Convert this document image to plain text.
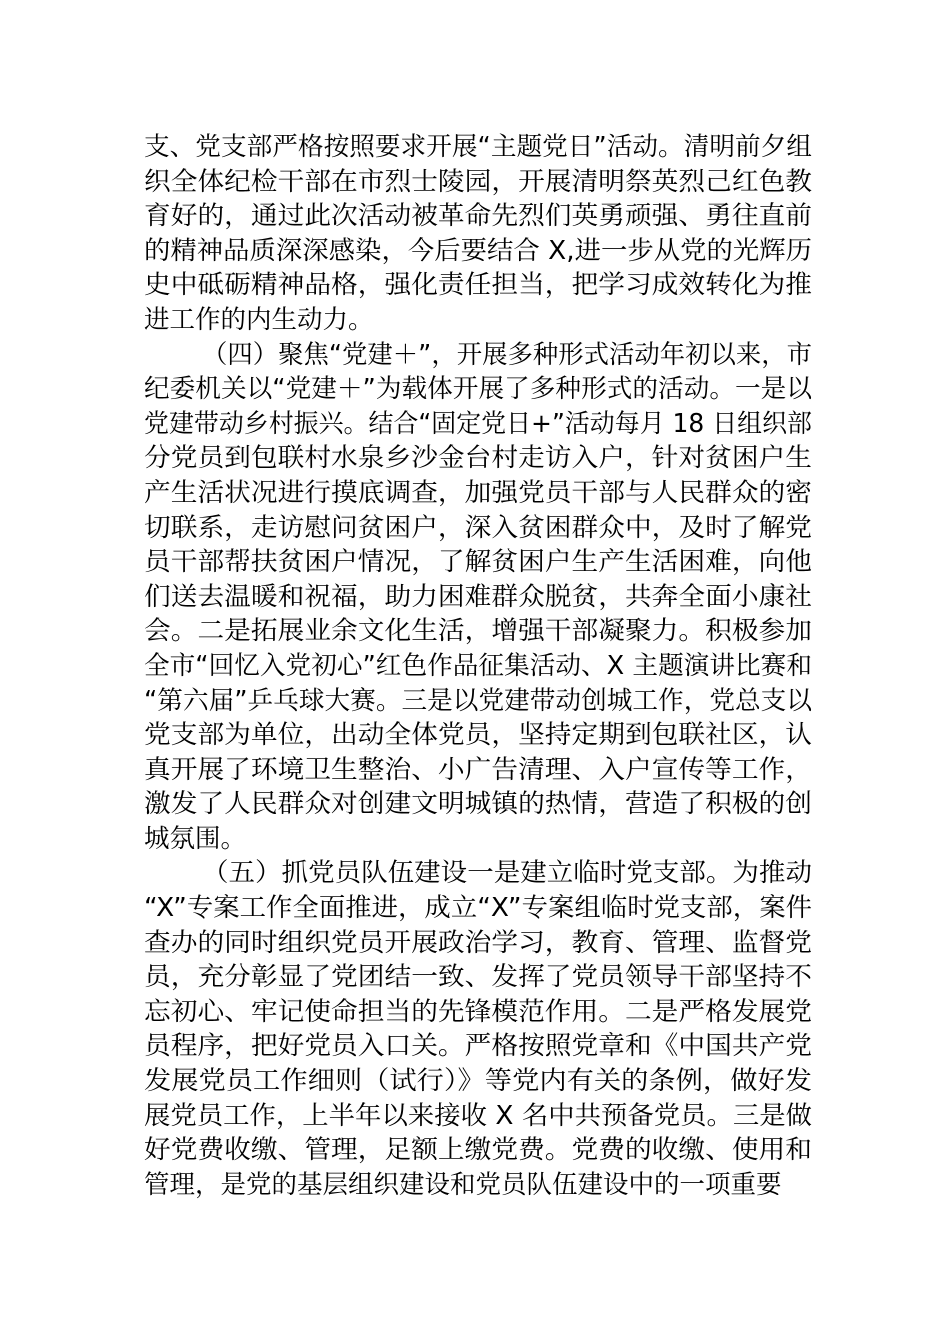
支、党支部严格按照要求开展“主题党日”活动。清明前夕组
织全体纪检干部在市烈士陵园，开展清明祭英烈己红色教
育好的，通过此次活动被革命先烈们英勇顽强、勇往直前
的精神品质深深感染，今后要结合 X,进一步从党的光辉历
史中砥砺精神品格，强化责任担当，把学习成效转化为推
进工作的内生动力。
（四）聚焦“党建＋”，开展多种形式活动年初以来，市
纪委机关以“党建＋”为载体开展了多种形式的活动。一是以
党建带动乡村振兴。结合“固定党日+”活动每月 18 日组织部
分党员到包联村水泉乡沙金台村走访入户，针对贫困户生
产生活状况进行摸底调查，加强党员干部与人民群众的密
切联系，走访慰问贫困户，深入贫困群众中，及时了解党
员干部帮扶贫困户情况，了解贫困户生产生活困难，向他
们送去温暖和祝福，助力困难群众脱贫，共奔全面小康社
会。二是拓展业余文化生活，增强干部凝聚力。积极参加
全市“回忆入党初心”红色作品征集活动、X 主题演讲比赛和
“第六届”乒乓球大赛。三是以党建带动创城工作，党总支以
党支部为单位，出动全体党员，坚持定期到包联社区，认
真开展了环境卫生整治、小广告清理、入户宣传等工作，
激发了人民群众对创建文明城镇的热情，营造了积极的创
城氛围。
（五）抓党员队伍建设一是建立临时党支部。为推动
“X”专案工作全面推进，成立“X”专案组临时党支部，案件
查办的同时组织党员开展政治学习，教育、管理、监督党
员，充分彰显了党团结一致、发挥了党员领导干部坚持不
忘初心、牢记使命担当的先锋模范作用。二是严格发展党
员程序，把好党员入口关。严格按照党章和《中国共产党
发展党员工作细则（试行）》等党内有关的条例，做好发
展党员工作，上半年以来接收 X 名中共预备党员。三是做
好党费收缴、管理，足额上缴党费。党费的收缴、使用和
管理，是党的基层组织建设和党员队伍建设中的一项重要
